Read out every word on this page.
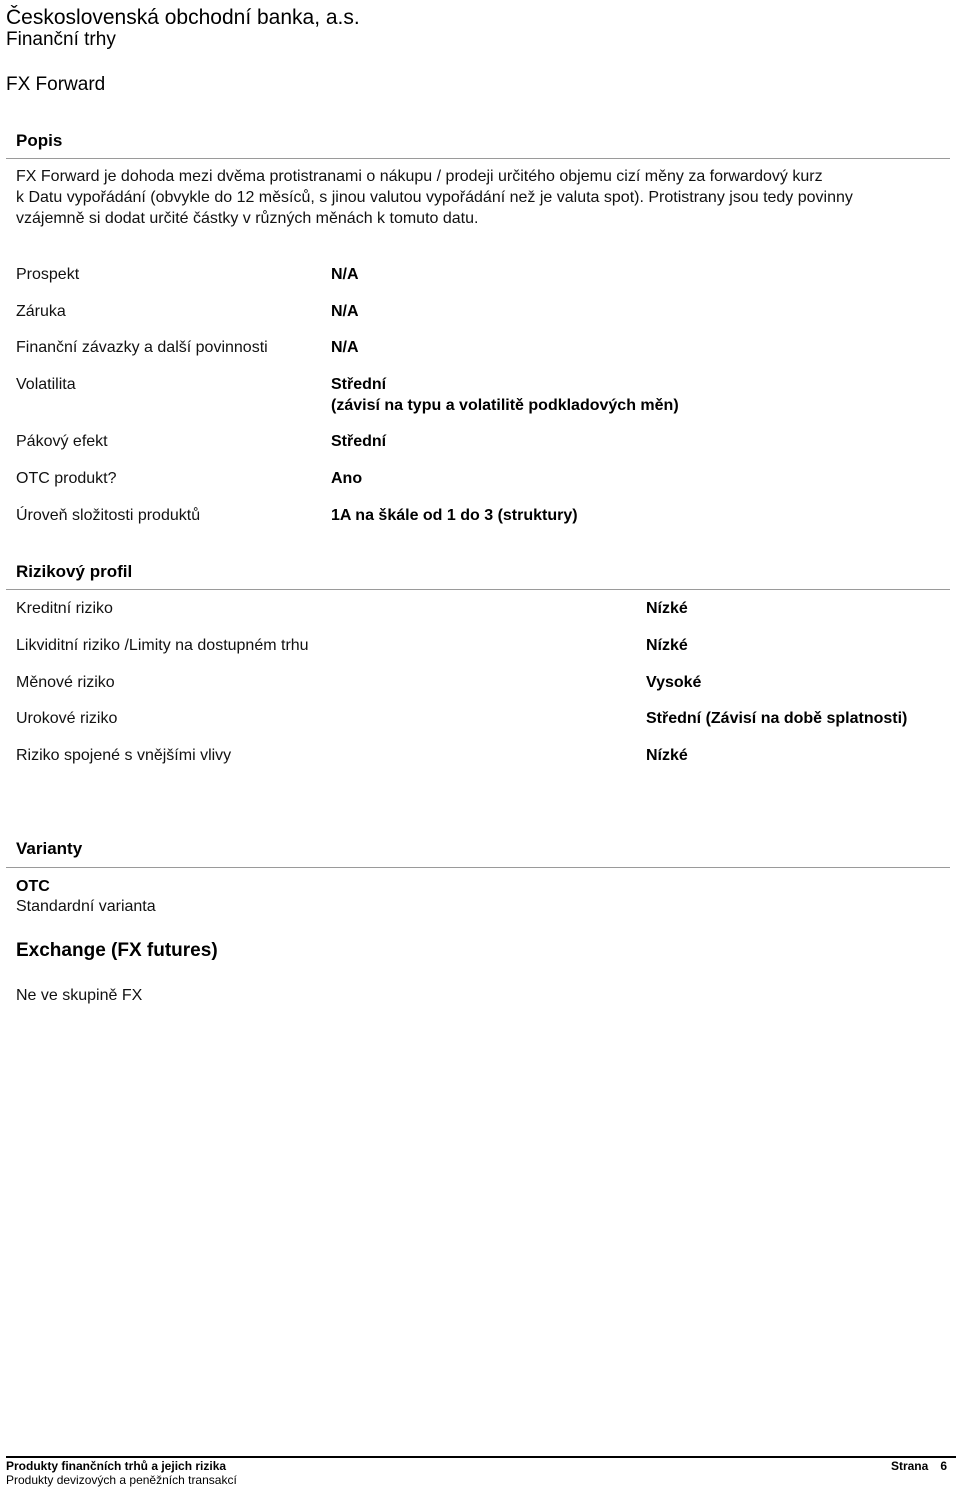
Československá obchodní banka, a.s.
Finanční trhy
FX Forward
Popis

FX Forward je dohoda mezi dvěma protistranami o nákupu / prodeji určitého objemu cizí měny za forwardový kurz

k Datu vypořádání (obvykle do 12 měsíců, s jinou valutou vypořádání než je valuta spot). Protistrany jsou tedy povinny

vzájemně si dodat určité částky v různých měnách k tomuto datu.

Prospekt	N/A
Záruka	N/A
Finanční závazky a další povinnosti	N/A
Volatilita	Střední
(závisí na typu a volatilitě podkladových měn)
Pákový efekt	Střední
OTC produkt?	Ano
Úroveň složitosti produktů	1A na škále od 1 do 3 (struktury)
Rizikový profil
Kreditní riziko	Nízké
Likviditní riziko /Limity na dostupném trhu	Nízké
Měnové riziko	Vysoké
Urokové riziko	Střední (Závisí na době splatnosti)
Riziko spojené s vnějšími vlivy	Nízké
Varianty
OTC
Standardní varianta
Exchange (FX futures)
Ne ve skupině FX
Produkty finančních trhů a jejich rizika
Produkty devizových a peněžních transakcí
Strana 6
